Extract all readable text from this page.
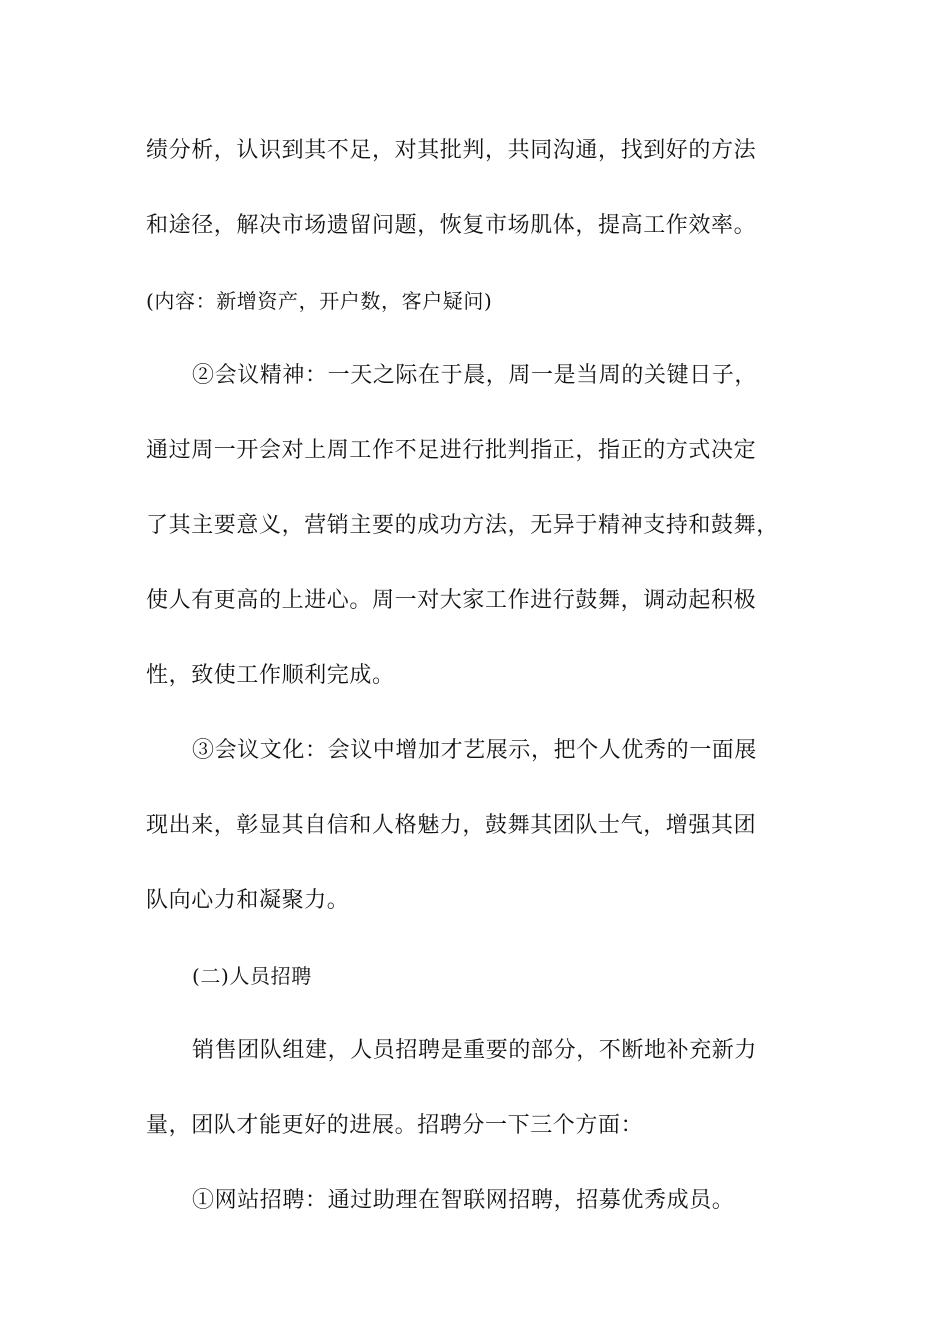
绩分析，认识到其不足，对其批判，共同沟通，找到好的方法

和途径，解决市场遗留问题，恢复市场肌体，提高工作效率。

(内容：新增资产，开户数，客户疑问)

②会议精神：一天之际在于晨，周一是当周的关键日子，

通过周一开会对上周工作不足进行批判指正，指正的方式决定

了其主要意义，营销主要的成功方法，无异于精神支持和鼓舞，

使人有更高的上进心。周一对大家工作进行鼓舞，调动起积极

性，致使工作顺利完成。

③会议文化：会议中增加才艺展示，把个人优秀的一面展

现出来，彰显其自信和人格魅力，鼓舞其团队士气，增强其团

队向心力和凝聚力。

(二)人员招聘

销售团队组建，人员招聘是重要的部分，不断地补充新力

量，团队才能更好的进展。招聘分一下三个方面：

①网站招聘：通过助理在智联网招聘，招募优秀成员。
